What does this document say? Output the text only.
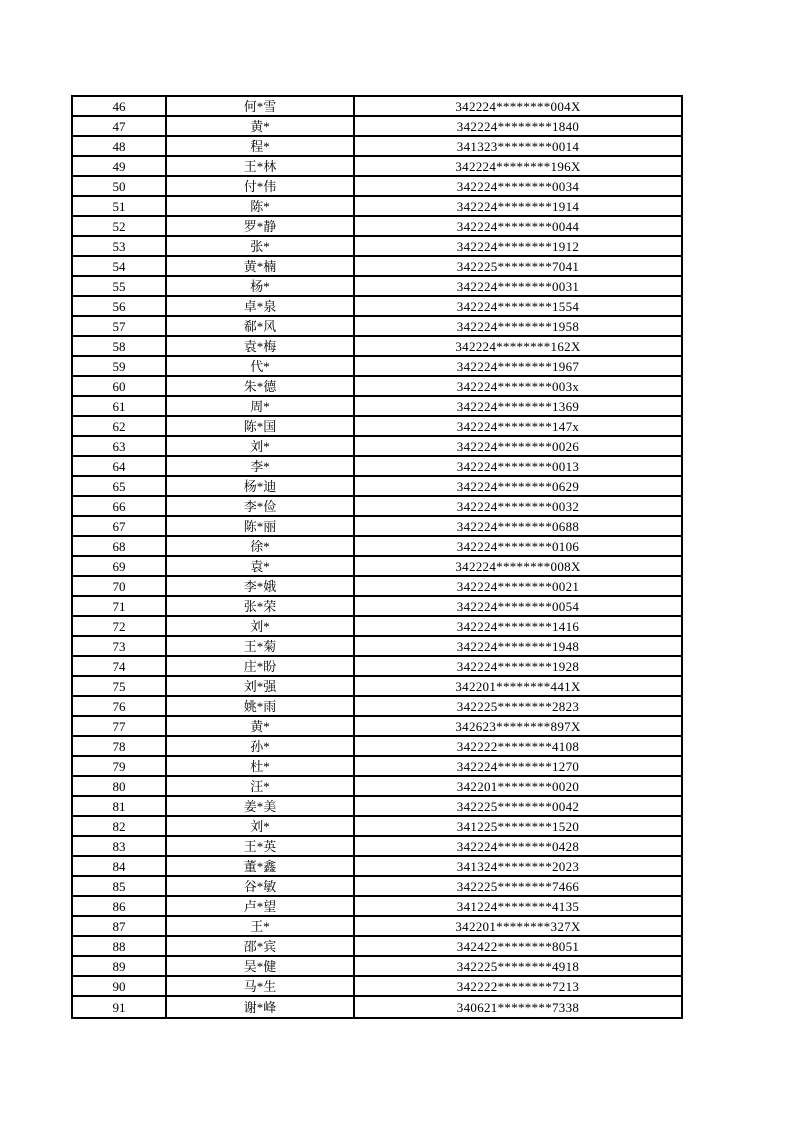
46	何*雪	342224********004X
47	黄*	342224********1840
48	程*	341323********0014
49	王*林	342224********196X
50	付*伟	342224********0034
51	陈*	342224********1914
52	罗*静	342224********0044
53	张*	342224********1912
54	黄*楠	342225********7041
55	杨*	342224********0031
56	卓*泉	342224********1554
57	郗*风	342224********1958
58	袁*梅	342224********162X
59	代*	342224********1967
60	朱*德	342224********003x
61	周*	342224********1369
62	陈*国	342224********147x
63	刘*	342224********0026
64	李*	342224********0013
65	杨*迪	342224********0629
66	李*俭	342224********0032
67	陈*丽	342224********0688
68	徐*	342224********0106
69	袁*	342224********008X
70	李*娥	342224********0021
71	张*荣	342224********0054
72	刘*	342224********1416
73	王*菊	342224********1948
74	庄*盼	342224********1928
75	刘*强	342201********441X
76	姚*雨	342225********2823
77	黄*	342623********897X
78	孙*	342222********4108
79	杜*	342224********1270
80	汪*	342201********0020
81	姜*美	342225********0042
82	刘*	341225********1520
83	王*英	342224********0428
84	董*鑫	341324********2023
85	谷*敏	342225********7466
86	卢*望	341224********4135
87	王*	342201********327X
88	邵*宾	342422********8051
89	吴*健	342225********4918
90	马*生	342222********7213
91	谢*峰	340621********7338
